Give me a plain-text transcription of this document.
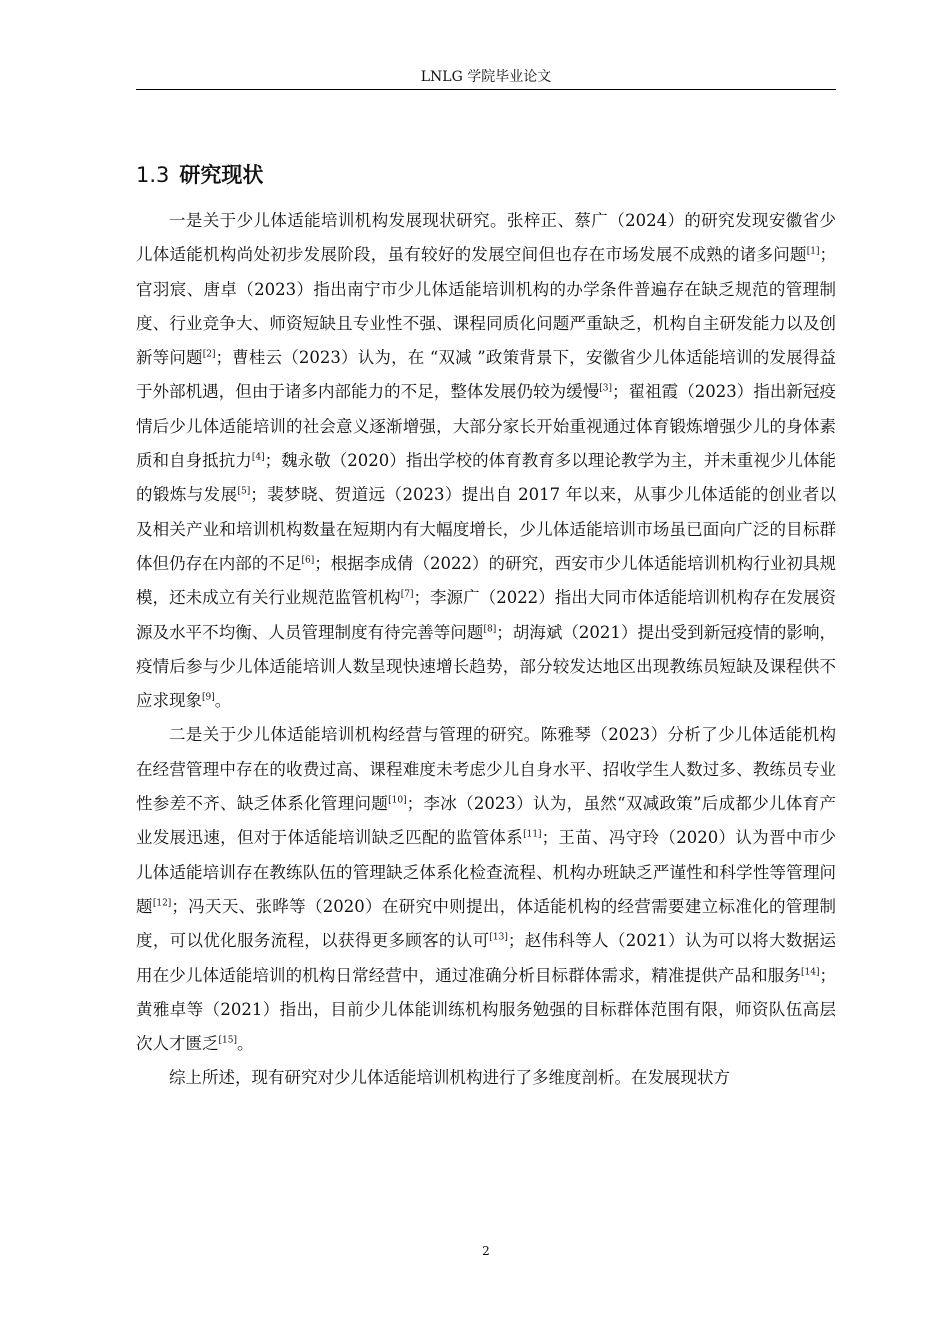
LNLG 学院毕业论文
1.3 研究现状

一是关于少儿体适能培训机构发展现状研究。张梓正、蔡广（2024）的研究发现安徽省少儿体适能机构尚处初步发展阶段，虽有较好的发展空间但也存在市场发展不成熟的诸多问题[1]；官羽宸、唐卓（2023）指出南宁市少儿体适能培训机构的办学条件普遍存在缺乏规范的管理制度、行业竞争大、师资短缺且专业性不强、课程同质化问题严重缺乏，机构自主研发能力以及创新等问题[2]；曹桂云（2023）认为，在 “双减 ”政策背景下，安徽省少儿体适能培训的发展得益于外部机遇，但由于诸多内部能力的不足，整体发展仍较为缓慢[3]；翟祖霞（2023）指出新冠疫情后少儿体适能培训的社会意义逐渐增强，大部分家长开始重视通过体育锻炼增强少儿的身体素质和自身抵抗力[4]；魏永敬（2020）指出学校的体育教育多以理论教学为主，并未重视少儿体能的锻炼与发展[5]；裴梦晓、贺道远（2023）提出自 2017 年以来，从事少儿体适能的创业者以及相关产业和培训机构数量在短期内有大幅度增长，少儿体适能培训市场虽已面向广泛的目标群体但仍存在内部的不足[6]；根据李成倩（2022）的研究，西安市少儿体适能培训机构行业初具规模，还未成立有关行业规范监管机构[7]；李源广（2022）指出大同市体适能培训机构存在发展资源及水平不均衡、人员管理制度有待完善等问题[8]；胡海斌（2021）提出受到新冠疫情的影响，疫情后参与少儿体适能培训人数呈现快速增长趋势，部分较发达地区出现教练员短缺及课程供不应求现象[9]。

二是关于少儿体适能培训机构经营与管理的研究。陈雅琴（2023）分析了少儿体适能机构在经营管理中存在的收费过高、课程难度未考虑少儿自身水平、招收学生人数过多、教练员专业性参差不齐、缺乏体系化管理问题[10]；李冰（2023）认为，虽然“双减政策”后成都少儿体育产业发展迅速，但对于体适能培训缺乏匹配的监管体系[11]；王苗、冯守玲（2020）认为晋中市少儿体适能培训存在教练队伍的管理缺乏体系化检查流程、机构办班缺乏严谨性和科学性等管理问题[12]；冯天天、张晔等（2020）在研究中则提出，体适能机构的经营需要建立标准化的管理制度，可以优化服务流程，以获得更多顾客的认可[13]；赵伟科等人（2021）认为可以将大数据运用在少儿体适能培训的机构日常经营中，通过准确分析目标群体需求，精准提供产品和服务[14]；黄雅卓等（2021）指出，目前少儿体能训练机构服务勉强的目标群体范围有限，师资队伍高层次人才匮乏[15]。

综上所述，现有研究对少儿体适能培训机构进行了多维度剖析。在发展现状方

2
